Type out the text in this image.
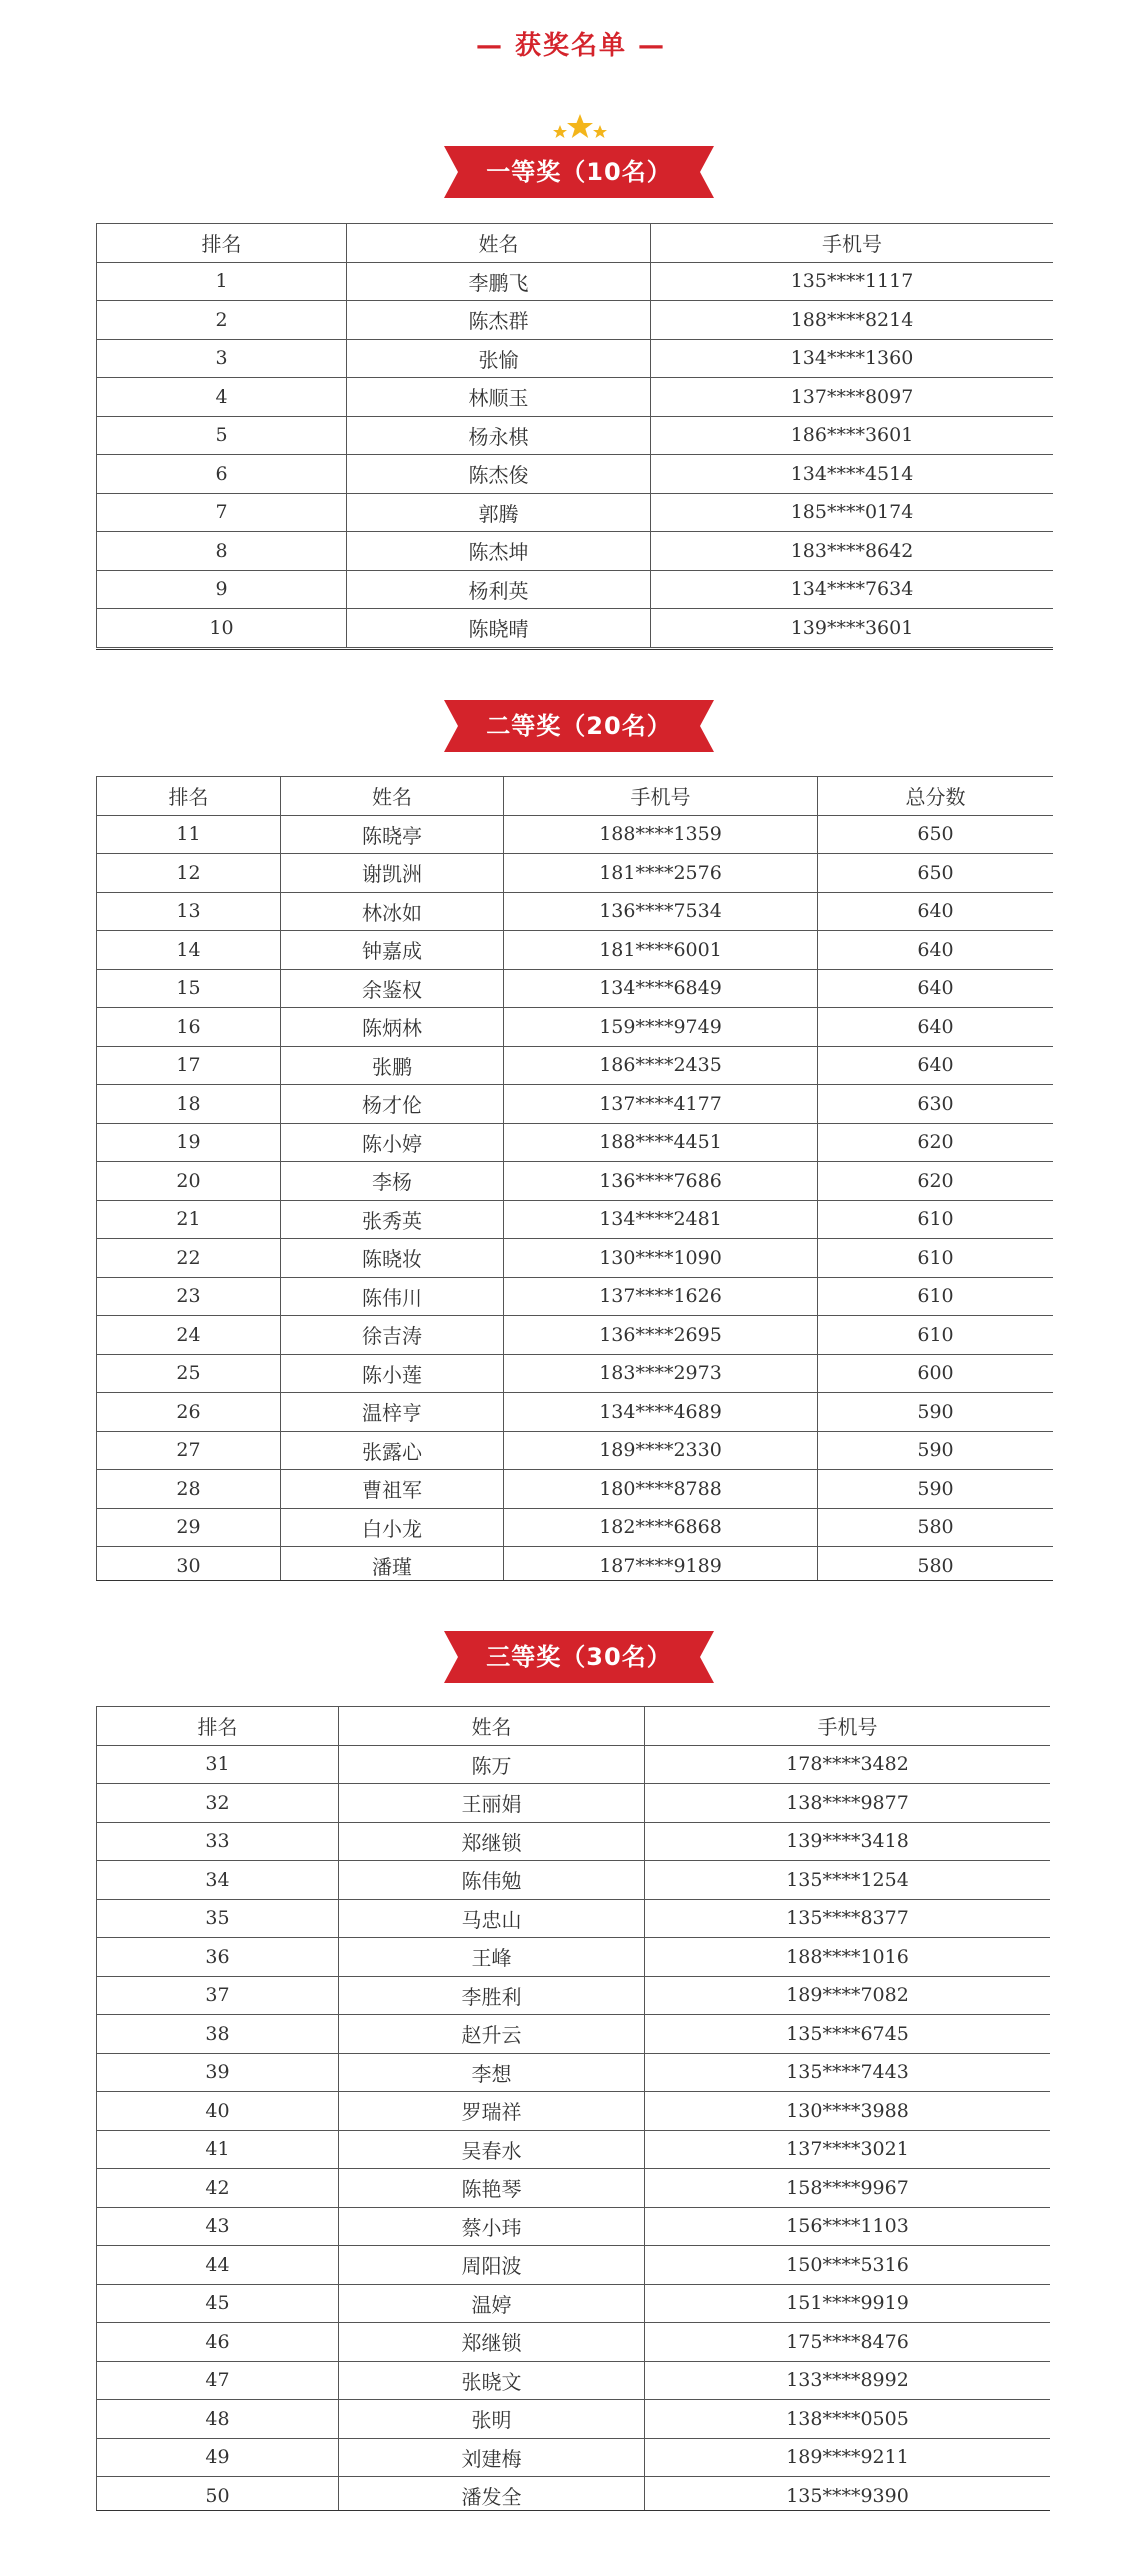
— 获奖名单 —
一等奖（10名）
排名	姓名	手机号
1	李鹏飞	135****1117
2	陈杰群	188****8214
3	张愉	134****1360
4	林顺玉	137****8097
5	杨永棋	186****3601
6	陈杰俊	134****4514
7	郭腾	185****0174
8	陈杰坤	183****8642
9	杨利英	134****7634
10	陈晓晴	139****3601
二等奖（20名）
排名	姓名	手机号	总分数
11	陈晓亭	188****1359	650
12	谢凯洲	181****2576	650
13	林冰如	136****7534	640
14	钟嘉成	181****6001	640
15	余鉴权	134****6849	640
16	陈炳林	159****9749	640
17	张鹏	186****2435	640
18	杨才伦	137****4177	630
19	陈小婷	188****4451	620
20	李杨	136****7686	620
21	张秀英	134****2481	610
22	陈晓妆	130****1090	610
23	陈伟川	137****1626	610
24	徐吉涛	136****2695	610
25	陈小莲	183****2973	600
26	温梓亨	134****4689	590
27	张露心	189****2330	590
28	曹祖军	180****8788	590
29	白小龙	182****6868	580
30	潘瑾	187****9189	580
三等奖（30名）
排名	姓名	手机号
31	陈万	178****3482
32	王丽娟	138****9877
33	郑继锁	139****3418
34	陈伟勉	135****1254
35	马忠山	135****8377
36	王峰	188****1016
37	李胜利	189****7082
38	赵升云	135****6745
39	李想	135****7443
40	罗瑞祥	130****3988
41	吴春水	137****3021
42	陈艳琴	158****9967
43	蔡小玮	156****1103
44	周阳波	150****5316
45	温婷	151****9919
46	郑继锁	175****8476
47	张晓文	133****8992
48	张明	138****0505
49	刘建梅	189****9211
50	潘发全	135****9390
